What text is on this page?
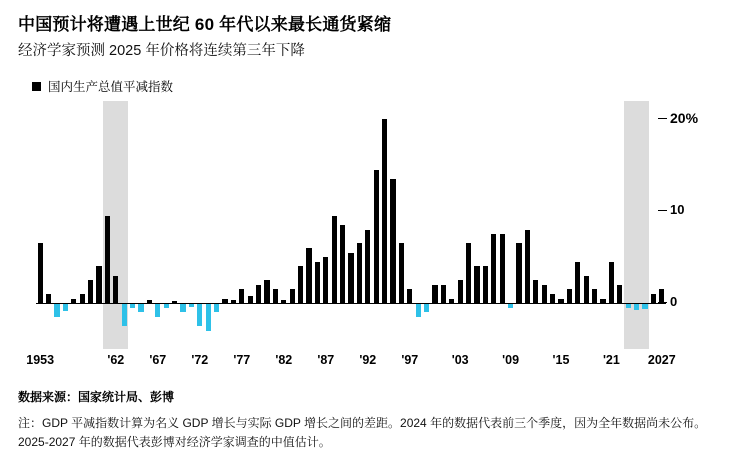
中国预计将遭遇上世纪 60 年代以来最长通货紧缩
经济学家预测 2025 年价格将连续第三年下降
国内生产总值平减指数
0
10
20%
1953	'62 '67 '72 '77 '82 '87 '92 '97	'03	'09	'15	'21 2027
数据来源：国家统计局、彭博
注：GDP 平减指数计算为名义 GDP 增长与实际 GDP 增长之间的差距。2024 年的数据代表前三个季度，因为全年数据尚未公布。2025-2027 年的数据代表彭博对经济学家调查的中值估计。
